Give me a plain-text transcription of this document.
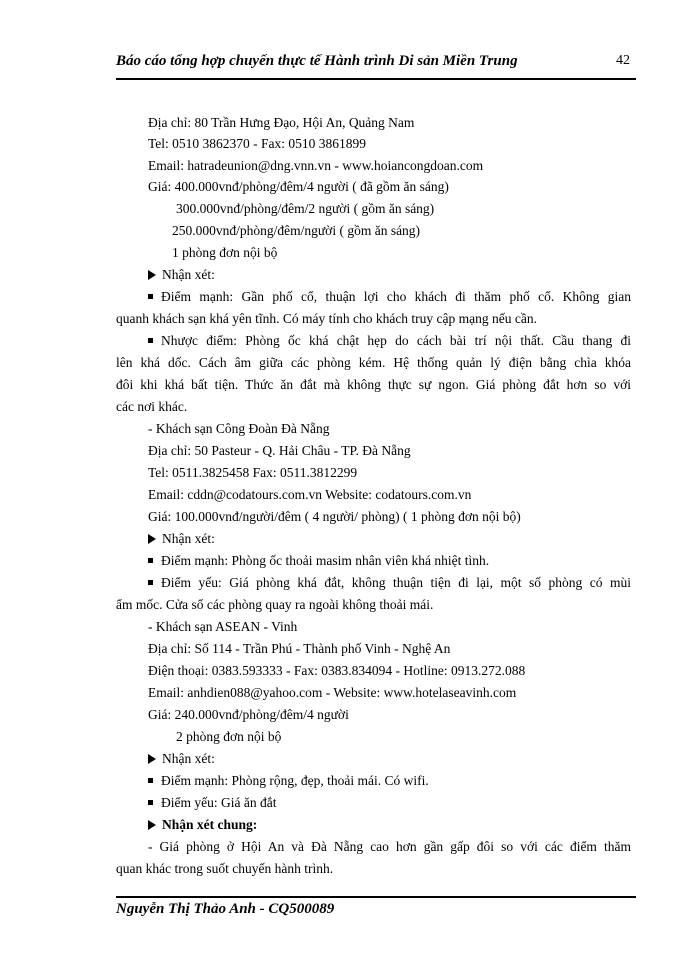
Báo cáo tổng hợp chuyến thực tế Hành trình Di sản Miền Trung	42
Địa chỉ: 80 Trần Hưng Đạo, Hội An, Quảng Nam
Tel: 0510 3862370 - Fax: 0510 3861899
Email: hatradeunion@dng.vnn.vn - www.hoiancongdoan.com
Giá: 400.000vnđ/phòng/đêm/4 người ( đã gồm ăn sáng)
300.000vnđ/phòng/đêm/2 người ( gồm ăn sáng)
250.000vnđ/phòng/đêm/người ( gồm ăn sáng)
1 phòng đơn nội bộ
Nhận xét:
Điểm mạnh: Gần phố cổ, thuận lợi cho khách đi thăm phố cổ. Không gian
quanh khách sạn khá yên tĩnh. Có máy tính cho khách truy cập mạng nếu cần.
Nhược điểm: Phòng ốc khá chật hẹp do cách bài trí nội thất. Cầu thang đi
lên khá dốc. Cách âm giữa các phòng kém. Hệ thống quản lý điện bằng chìa khóa
đôi khi khá bất tiện. Thức ăn đắt mà không thực sự ngon. Giá phòng đắt hơn so với
các nơi khác.
- Khách sạn Công Đoàn Đà Nẵng
Địa chỉ: 50 Pasteur - Q. Hải Châu - TP. Đà Nẵng
Tel: 0511.3825458 Fax: 0511.3812299
Email: cddn@codatours.com.vn Website: codatours.com.vn
Giá: 100.000vnđ/người/đêm ( 4 người/ phòng) ( 1 phòng đơn nội bộ)
Nhận xét:
Điểm mạnh: Phòng ốc thoải masim nhân viên khá nhiệt tình.
Điểm yếu: Giá phòng khá đắt, không thuận tiện đi lại, một số phòng có mùi
ẩm mốc. Cửa sổ các phòng quay ra ngoài không thoải mái.
- Khách sạn ASEAN - Vinh
Địa chỉ: Số 114 - Trần Phú - Thành phố Vinh - Nghệ An
Điện thoại: 0383.593333 - Fax: 0383.834094 - Hotline: 0913.272.088
Email: anhdien088@yahoo.com - Website: www.hotelaseavinh.com
Giá: 240.000vnđ/phòng/đêm/4 người
2 phòng đơn nội bộ
Nhận xét:
Điểm mạnh: Phòng rộng, đẹp, thoải mái. Có wifi.
Điểm yếu: Giá ăn đắt
Nhận xét chung:
- Giá phòng ở Hội An và Đà Nẵng cao hơn gần gấp đôi so với các điểm thăm
quan khác trong suốt chuyến hành trình.
Nguyễn Thị Thảo Anh - CQ500089
